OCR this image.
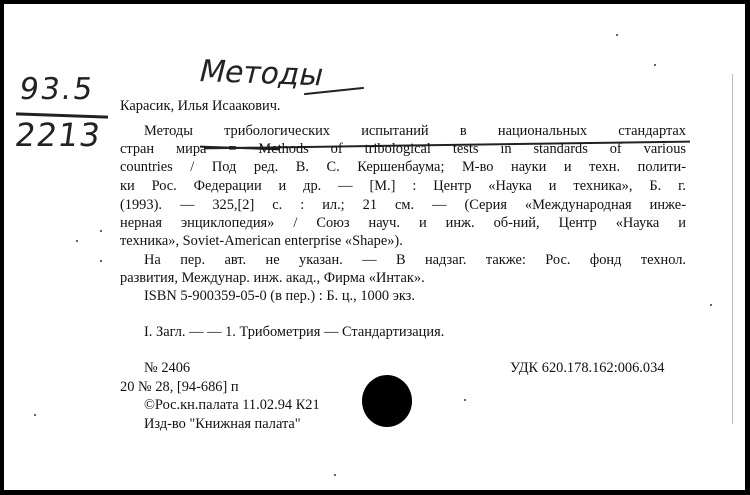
93.5
2213
Методы
Карасик, Илья Исаакович.
Методы трибологических испытаний в национальных стандартах
стран мира = Methods of tribological tests in standards of various
countries / Под ред. В. С. Кершенбаума; М-во науки и техн. полити-
ки Рос. Федерации и др. — [М.] : Центр «Наука и техника», Б. г.
(1993). — 325,[2] с. : ил.; 21 см. — (Серия «Международная инже-
нерная энциклопедия» / Союз науч. и инж. об-ний, Центр «Наука и
техника», Soviet-American enterprise «Shape»).
На пер. авт. не указан. — В надзаг. также: Рос. фонд технол.
развития, Междунар. инж. акад., Фирма «Интак».
ISBN 5-900359-05-0 (в пер.) : Б. ц., 1000 экз.
I. Загл. — — 1. Трибометрия — Стандартизация.
№ 2406	УДК 620.178.162:006.034
20 № 28, [94-686] п
©Рос.кн.палата 11.02.94 К21
Изд-во "Книжная палата"
